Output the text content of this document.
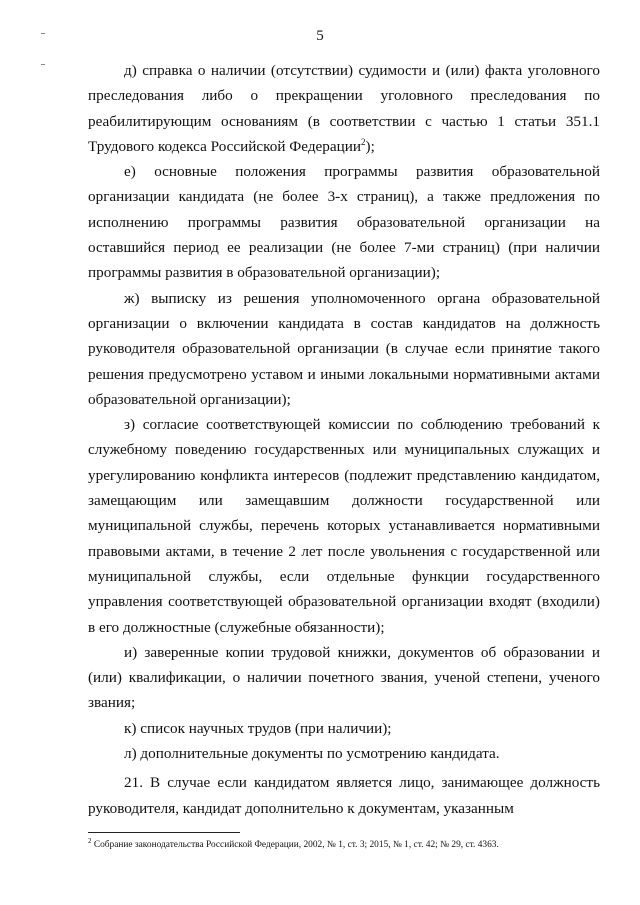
5

д) справка о наличии (отсутствии) судимости и (или) факта уголовного преследования либо о прекращении уголовного преследования по реабилитирующим основаниям (в соответствии с частью 1 статьи 351.1 Трудового кодекса Российской Федерации$^2$);

е) основные положения программы развития образовательной организации кандидата (не более 3-х страниц), а также предложения по исполнению программы развития образовательной организации на оставшийся период ее реализации (не более 7-ми страниц) (при наличии программы развития в образовательной организации);

ж) выписку из решения уполномоченного органа образовательной организации о включении кандидата в состав кандидатов на должность руководителя образовательной организации (в случае если принятие такого решения предусмотрено уставом и иными локальными нормативными актами образовательной организации);

з) согласие соответствующей комиссии по соблюдению требований к служебному поведению государственных или муниципальных служащих и урегулированию конфликта интересов (подлежит представлению кандидатом, замещающим или замещавшим должности государственной или муниципальной службы, перечень которых устанавливается нормативными правовыми актами, в течение 2 лет после увольнения с государственной или муниципальной службы, если отдельные функции государственного управления соответствующей образовательной организации входят (входили) в его должностные (служебные обязанности);

и) заверенные копии трудовой книжки, документов об образовании и (или) квалификации, о наличии почетного звания, ученой степени, ученого звания;

к) список научных трудов (при наличии);

л) дополнительные документы по усмотрению кандидата.

21. В случае если кандидатом является лицо, занимающее должность руководителя, кандидат дополнительно к документам, указанным

$^2$ Собрание законодательства Российской Федерации, 2002, № 1, ст. 3; 2015, № 1, ст. 42; № 29, ст. 4363.
